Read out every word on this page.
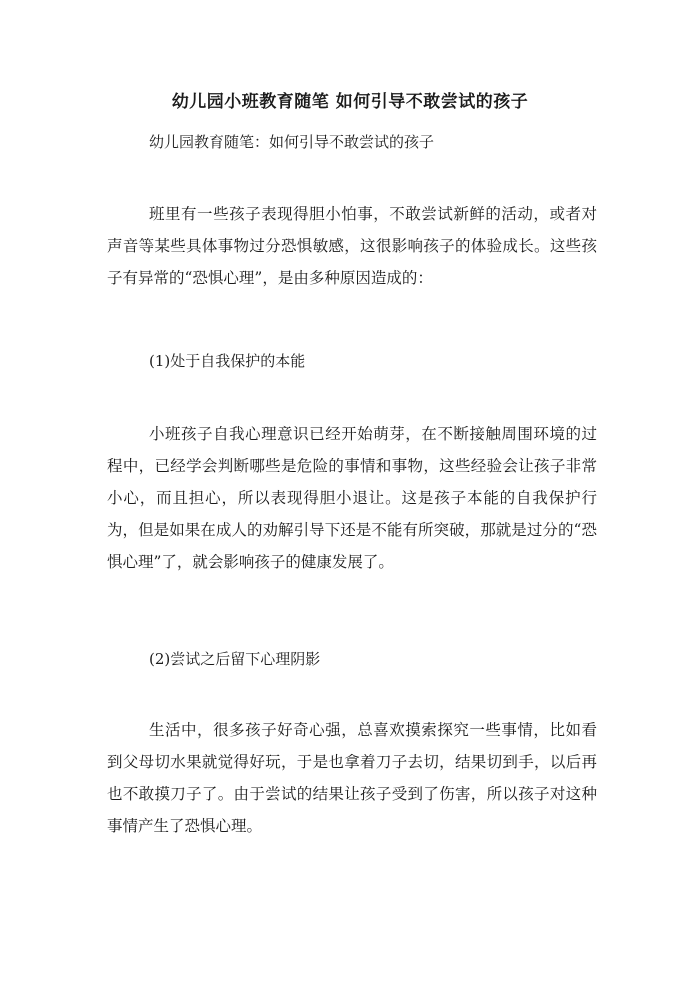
幼儿园小班教育随笔 如何引导不敢尝试的孩子
幼儿园教育随笔：如何引导不敢尝试的孩子

班里有一些孩子表现得胆小怕事，不敢尝试新鲜的活动，或者对声音等某些具体事物过分恐惧敏感，这很影响孩子的体验成长。这些孩子有异常的“恐惧心理”，是由多种原因造成的：

(1)处于自我保护的本能

小班孩子自我心理意识已经开始萌芽，在不断接触周围环境的过程中，已经学会判断哪些是危险的事情和事物，这些经验会让孩子非常小心，而且担心，所以表现得胆小退让。这是孩子本能的自我保护行为，但是如果在成人的劝解引导下还是不能有所突破，那就是过分的“恐惧心理”了，就会影响孩子的健康发展了。

(2)尝试之后留下心理阴影

生活中，很多孩子好奇心强，总喜欢摸索探究一些事情，比如看到父母切水果就觉得好玩，于是也拿着刀子去切，结果切到手，以后再也不敢摸刀子了。由于尝试的结果让孩子受到了伤害，所以孩子对这种事情产生了恐惧心理。
